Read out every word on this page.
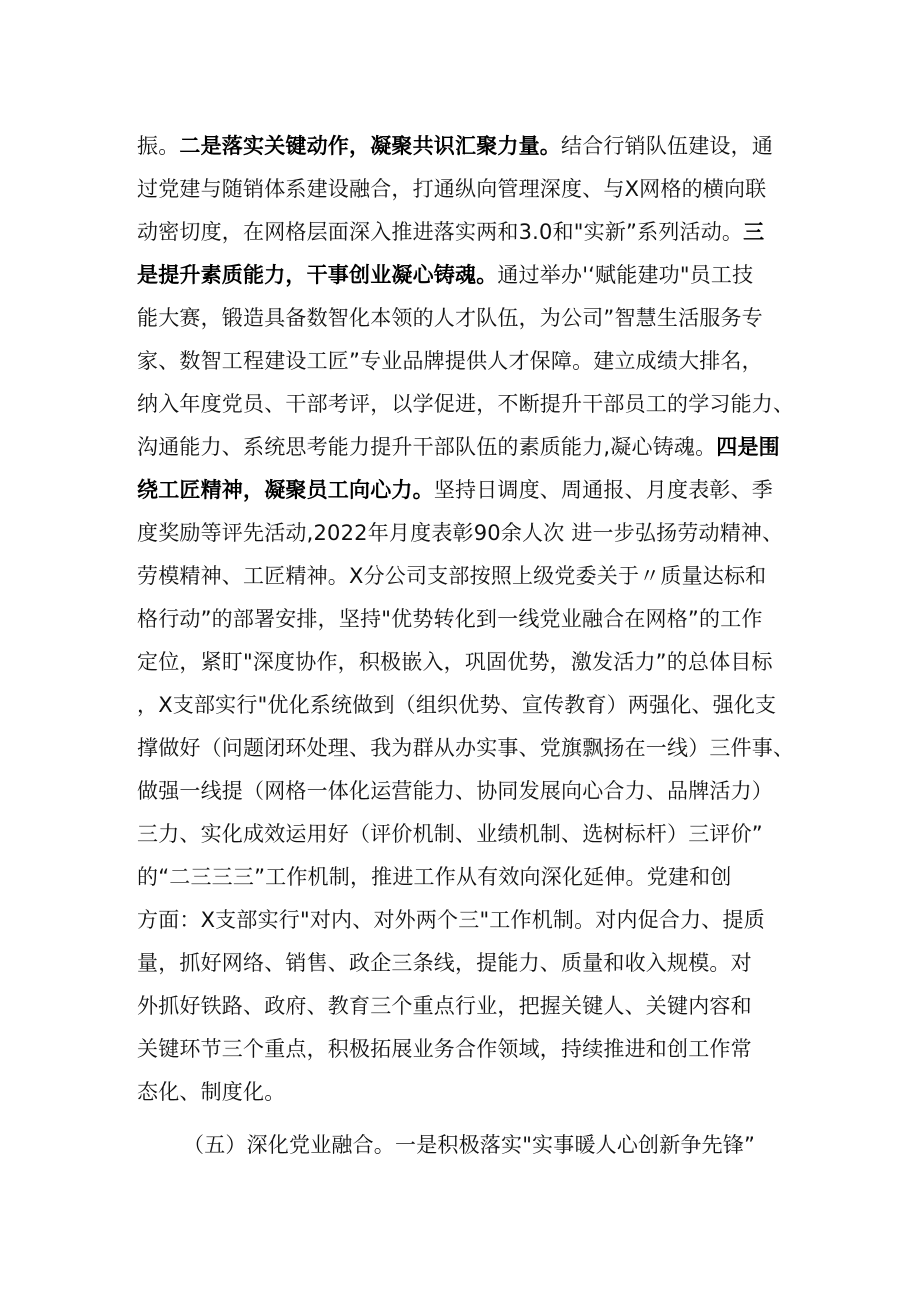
振。二是落实关键动作，凝聚共识汇聚力量。结合行销队伍建设，通
过党建与随销体系建设融合，打通纵向管理深度、与X网格的横向联
动密切度，在网格层面深入推进落实两和3.0和"实新”系列活动。三
是提升素质能力，干事创业凝心铸魂。通过举办'‘赋能建功"员工技
能大赛，锻造具备数智化本领的人才队伍，为公司”智慧生活服务专
家、数智工程建设工匠”专业品牌提供人才保障。建立成绩大排名，
纳入年度党员、干部考评，以学促进，不断提升干部员工的学习能力、
沟通能力、系统思考能力提升干部队伍的素质能力,凝心铸魂。四是围
绕工匠精神，凝聚员工向心力。坚持日调度、周通报、月度表彰、季
度奖励等评先活动,2022年月度表彰90余人次 进一步弘扬劳动精神、
劳模精神、工匠精神。X分公司支部按照上级党委关于〃质量达标和
格行动”的部署安排，坚持"优势转化到一线党业融合在网格”的工作
定位，紧盯"深度协作，积极嵌入，巩固优势，激发活力”的总体目标
，X支部实行"优化系统做到（组织优势、宣传教育）两强化、强化支
撑做好（问题闭环处理、我为群从办实事、党旗飘扬在一线）三件事、
做强一线提（网格一体化运营能力、协同发展向心合力、品牌活力）
三力、实化成效运用好（评价机制、业绩机制、选树标杆）三评价”
的“二三三三”工作机制，推进工作从有效向深化延伸。党建和创
方面：X支部实行"对内、对外两个三"工作机制。对内促合力、提质
量，抓好网络、销售、政企三条线，提能力、质量和收入规模。对
外抓好铁路、政府、教育三个重点行业，把握关键人、关键内容和
关键环节三个重点，积极拓展业务合作领域，持续推进和创工作常
态化、制度化。
（五）深化党业融合。一是积极落实"实事暖人心创新争先锋”
